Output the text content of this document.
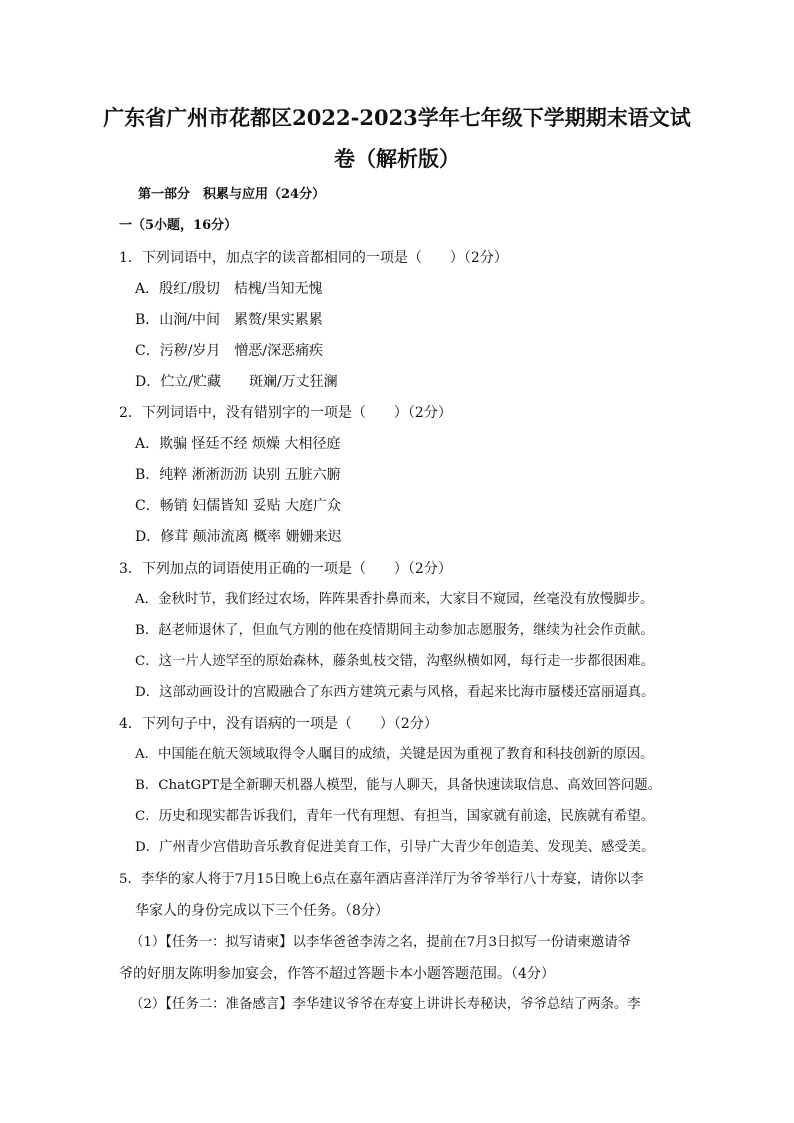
广东省广州市花都区2022-2023学年七年级下学期期末语文试
卷（解析版）
第一部分　积累与应用（24分）
一（5小题，16分）
1．下列词语中，加点字的读音都相同的一项是（　　）（2分）
A．殷红/殷切　桔槐/当知无愧
B．山涧/中间　累赘/果实累累
C．污秽/岁月　憎恶/深恶痛疾
D．伫立/贮藏　　斑斓/万丈狂澜
2．下列词语中，没有错别字的一项是（　　）（2分）
A．欺骗 怪廷不经 烦燥 大相径庭
B．纯粹 淅淅沥沥 诀别 五脏六腑
C．畅销 妇儒皆知 妥贴 大庭广众
D．修茸 颠沛流离 概率 姗姗来迟
3．下列加点的词语使用正确的一项是（　　）（2分）
A．金秋时节，我们经过农场，阵阵果香扑鼻而来，大家目不窥园，丝毫没有放慢脚步。
B．赵老师退休了，但血气方刚的他在疫情期间主动参加志愿服务，继续为社会作贡献。
C．这一片人迹罕至的原始森林，藤条虬枝交错，沟壑纵横如网，每行走一步都很困难。
D．这部动画设计的宫殿融合了东西方建筑元素与风格，看起来比海市蜃楼还富丽逼真。
4．下列句子中，没有语病的一项是（　　）（2分）
A．中国能在航天领域取得令人瞩目的成绩，关键是因为重视了教育和科技创新的原因。
B．ChatGPT是全新聊天机器人模型，能与人聊天，具备快速读取信息、高效回答问题。
C．历史和现实都告诉我们，青年一代有理想、有担当，国家就有前途，民族就有希望。
D．广州青少宫借助音乐教育促进美育工作，引导广大青少年创造美、发现美、感受美。
5．李华的家人将于7月15日晚上6点在嘉年酒店喜洋洋厅为爷爷举行八十寿宴，请你以李
华家人的身份完成以下三个任务。（8分）
（1）【任务一：拟写请柬】以李华爸爸李涛之名，提前在7月3日拟写一份请柬邀请爷
爷的好朋友陈明参加宴会，作答不超过答题卡本小题答题范围。（4分）
（2）【任务二：准备感言】李华建议爷爷在寿宴上讲讲长寿秘诀，爷爷总结了两条。李
